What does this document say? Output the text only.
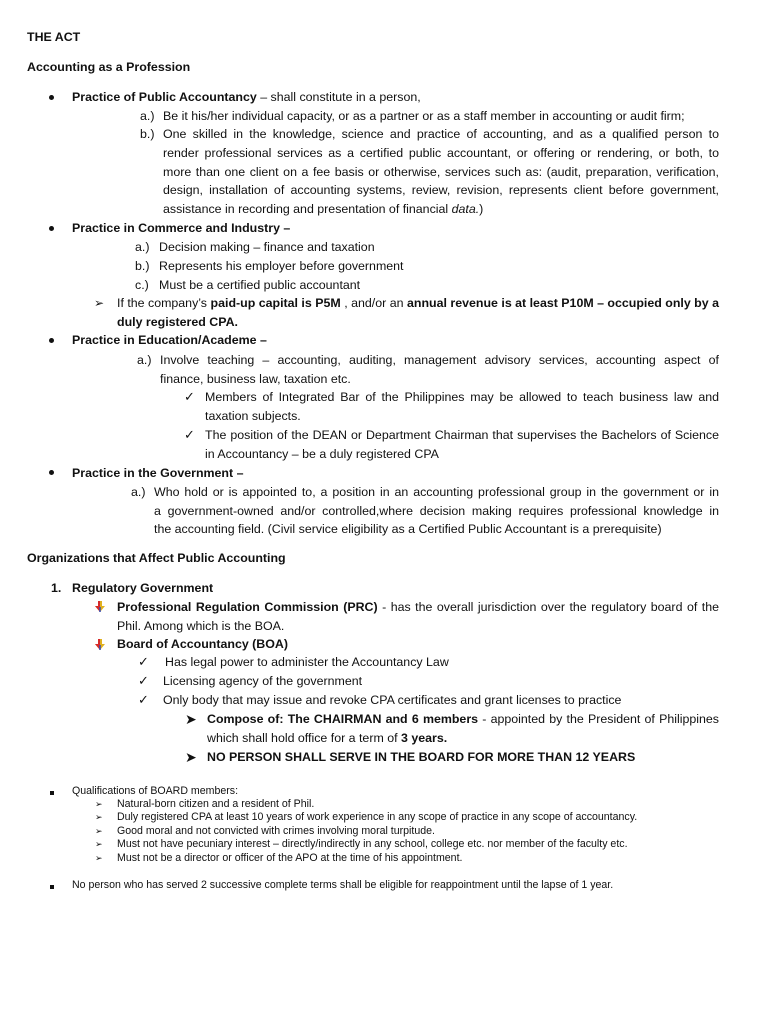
THE ACT
Accounting as a Profession
Practice of Public Accountancy – shall constitute in a person,
a.) Be it his/her individual capacity, or as a partner or as a staff member in accounting or audit firm;
b.) One skilled in the knowledge, science and practice of accounting, and as a qualified person to
render professional services as a certified public accountant, or offering or rendering, or both, to
more than one client on a fee basis or otherwise, services such as: (audit, preparation, verification,
design, installation of accounting systems, review, revision, represents client before government,
assistance in recording and presentation of financial data.)
Practice in Commerce and Industry –
a.) Decision making – finance and taxation
b.) Represents his employer before government
c.) Must be a certified public accountant
➢ If the company’s paid-up capital is P5M , and/or an annual revenue is at least P10M – occupied only by a
duly registered CPA.
Practice in Education/Academe –
a.) Involve teaching – accounting, auditing, management advisory services, accounting aspect of
finance, business law, taxation etc.
✓ Members of Integrated Bar of the Philippines may be allowed to teach business law and
taxation subjects.
✓ The position of the DEAN or Department Chairman that supervises the Bachelors of Science
in Accountancy – be a duly registered CPA
Practice in the Government –
a.) Who hold or is appointed to, a position in an accounting professional group in the government or in
a government-owned and/or controlled,where decision making requires professional knowledge in
the accounting field. (Civil service eligibility as a Certified Public Accountant is a prerequisite)
Organizations that Affect Public Accounting
1. Regulatory Government
Professional Regulation Commission (PRC) - has the overall jurisdiction over the regulatory board of the
Phil. Among which is the BOA.
Board of Accountancy (BOA)
✓ Has legal power to administer the Accountancy Law
✓ Licensing agency of the government
✓ Only body that may issue and revoke CPA certificates and grant licenses to practice
➤ Compose of: The CHAIRMAN and 6 members - appointed by the President of Philippines
which shall hold office for a term of 3 years.
➤ NO PERSON SHALL SERVE IN THE BOARD FOR MORE THAN 12 YEARS
Qualifications of BOARD members:
➢ Natural-born citizen and a resident of Phil.
➢ Duly registered CPA at least 10 years of work experience in any scope of practice in any scope of accountancy.
➢ Good moral and not convicted with crimes involving moral turpitude.
➢ Must not have pecuniary interest – directly/indirectly in any school, college etc. nor member of the faculty etc.
➢ Must not be a director or officer of the APO at the time of his appointment.
No person who has served 2 successive complete terms shall be eligible for reappointment until the lapse of 1 year.
